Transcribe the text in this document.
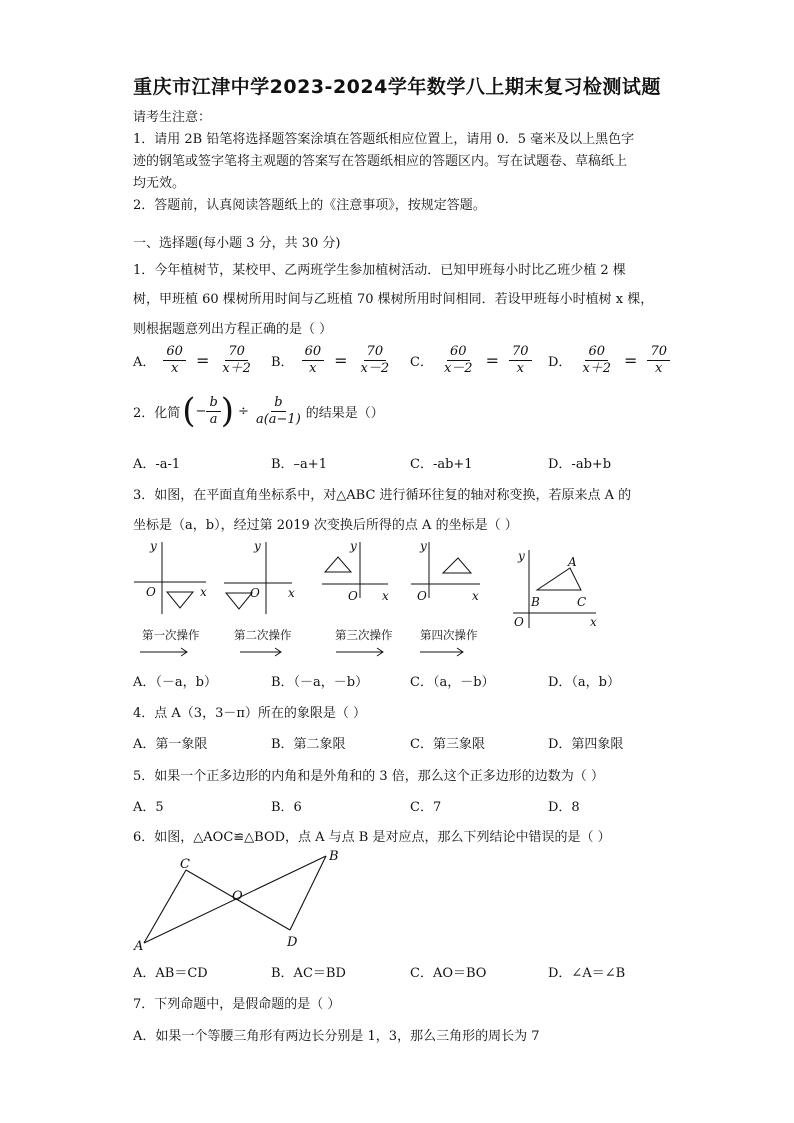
重庆市江津中学2023-2024学年数学八上期末复习检测试题
请考生注意：
1．请用 2B 铅笔将选择题答案涂填在答题纸相应位置上，请用 0．5 毫米及以上黑色字
迹的钢笔或签字笔将主观题的答案写在答题纸相应的答题区内。写在试题卷、草稿纸上
均无效。
2．答题前，认真阅读答题纸上的《注意事项》，按规定答题。
一、选择题(每小题 3 分，共 30 分)
1．今年植树节，某校甲、乙两班学生参加植树活动．已知甲班每小时比乙班少植 2 棵
树，甲班植 60 棵树所用时间与乙班植 70 棵树所用时间相同．若设甲班每小时植树 x 棵，
则根据题意列出方程正确的是（ ）
A． $\frac{60}{x} = \frac{70}{x+2}$ B． $\frac{60}{x} = \frac{70}{x-2}$ C． $\frac{60}{x-2} = \frac{70}{x}$ D． $\frac{60}{x+2} = \frac{70}{x}$
2．化简 ( − $\frac{b}{a}$ ) ÷ $\frac{b}{a(a-1)}$ 的结果是（）
A．-a-1	B．–a+1	C．-ab+1	D．-ab+b
3．如图，在平面直角坐标系中，对△ABC 进行循环往复的轴对称变换，若原来点 A 的
坐标是（a，b），经过第 2019 次变换后所得的点 A 的坐标是（ ）
y
O	x
y
O x
y
O x
y
O	x
y
O	x
A
B	C
第一次操作	第二次操作	第三次操作 第四次操作
A．（－a，b）	B．（－a，－b）	C．（a，－b）	D．（a，b）
4．点 A（3，3－π）所在的象限是（ ）
A．第一象限	B．第二象限	C．第三象限	D．第四象限
5．如果一个正多边形的内角和是外角和的 3 倍，那么这个正多边形的边数为（ ）
A．5	B．6	C．7	D．8
6．如图，△AOC≌△BOD，点 A 与点 B 是对应点，那么下列结论中错误的是（ ）
A
C
O
B
D
A．AB＝CD	B．AC＝BD	C．AO＝BO	D．∠A＝∠B
7．下列命题中，是假命题的是（ ）
A．如果一个等腰三角形有两边长分别是 1，3，那么三角形的周长为 7
